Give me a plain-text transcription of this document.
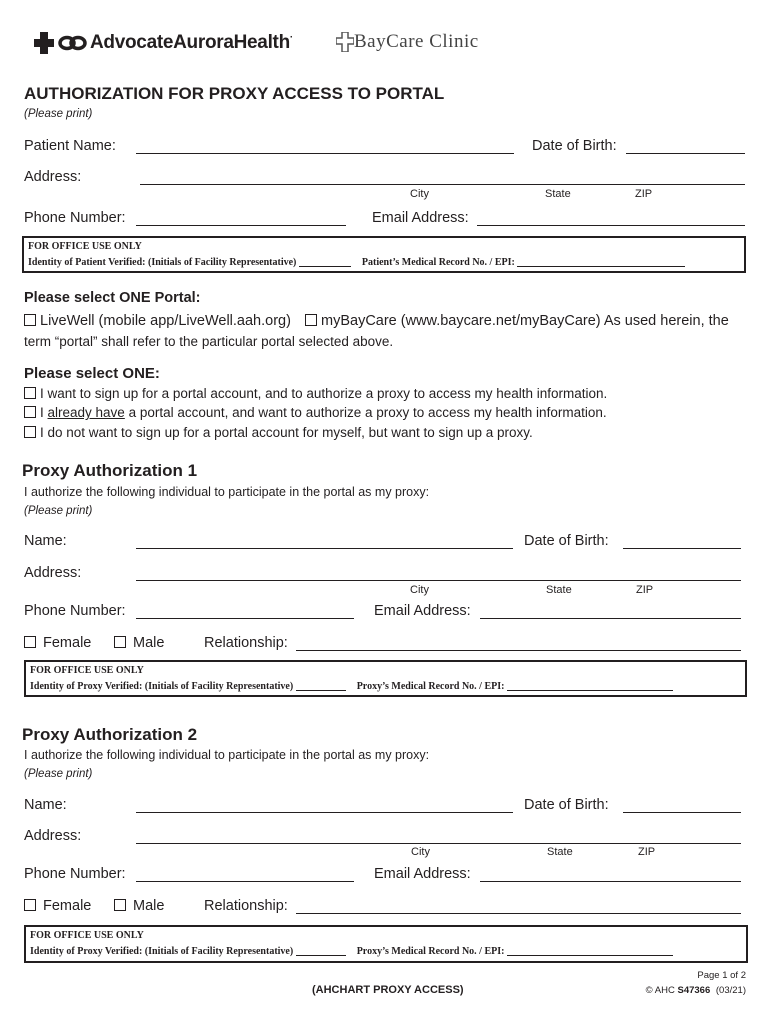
AdvocateAuroraHealth·	BayCare Clinic
AUTHORIZATION FOR PROXY ACCESS TO PORTAL
(Please print)
Patient Name:	Date of Birth:
Address:
City	State	ZIP
Phone Number:	Email Address:
FOR OFFICE USE ONLY
Identity of Patient Verified: (Initials of Facility Representative)	Patient’s Medical Record No. / EPI:
Please select ONE Portal:
LiveWell (mobile app/LiveWell.aah.org)	myBayCare (www.baycare.net/myBayCare) As used herein, the
term “portal” shall refer to the particular portal selected above.
Please select ONE:
I want to sign up for a portal account, and to authorize a proxy to access my health information.
I already have a portal account, and want to authorize a proxy to access my health information.
I do not want to sign up for a portal account for myself, but want to sign up a proxy.
Proxy Authorization 1
I authorize the following individual to participate in the portal as my proxy:
(Please print)
Name:	Date of Birth:
Address:
City	State	ZIP
Phone Number:	Email Address:
Female	Male	Relationship:
FOR OFFICE USE ONLY
Identity of Proxy Verified: (Initials of Facility Representative)	Proxy’s Medical Record No. / EPI:
Proxy Authorization 2
I authorize the following individual to participate in the portal as my proxy:
(Please print)
Name:	Date of Birth:
Address:
City	State	ZIP
Phone Number:	Email Address:
Female	Male	Relationship:
FOR OFFICE USE ONLY
Identity of Proxy Verified: (Initials of Facility Representative)	Proxy’s Medical Record No. / EPI:
Page 1 of 2
(AHCHART PROXY ACCESS)	© AHC S47366 (03/21)
